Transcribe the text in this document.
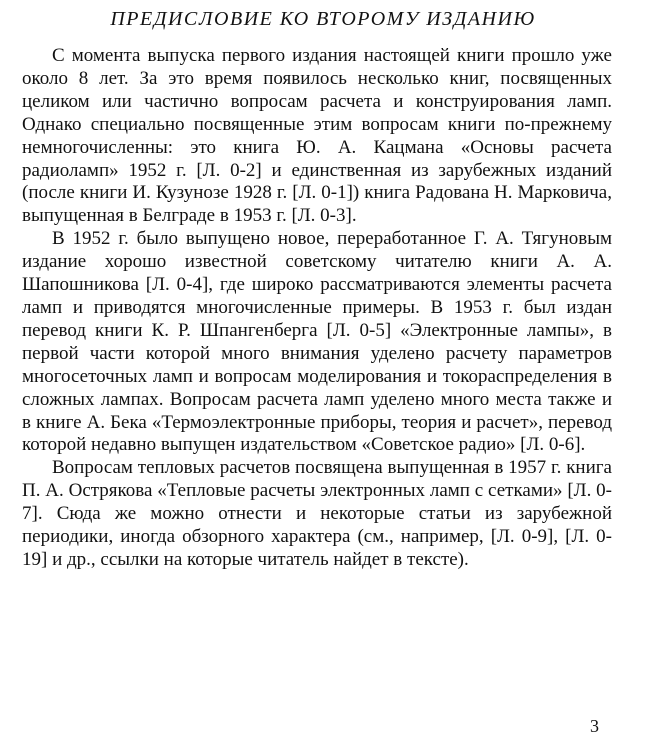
ПРЕДИСЛОВИЕ КО ВТОРОМУ ИЗДАНИЮ

С момента выпуска первого издания настоящей книги прошло уже около 8 лет. За это время появилось несколько книг, посвященных целиком или частично вопросам расчета и конструирования ламп. Однако специально посвященные этим вопросам книги по-прежнему немногочисленны: это книга Ю. А. Кацмана «Основы расчета радиоламп» 1952 г. [Л. 0-2] и единственная из зарубежных изданий (после книги И. Кузунозе 1928 г. [Л. 0-1]) книга Радована Н. Марковича, выпущенная в Белграде в 1953 г. [Л. 0-3].

В 1952 г. было выпущено новое, переработанное Г. А. Тягуновым издание хорошо известной советскому читателю книги А. А. Шапошникова [Л. 0-4], где широко рассматриваются элементы расчета ламп и приводятся многочисленные примеры. В 1953 г. был издан перевод книги К. Р. Шпангенберга [Л. 0-5] «Электронные лампы», в первой части которой много внимания уделено расчету параметров многосеточных ламп и вопросам моделирования и токораспределения в сложных лампах. Вопросам расчета ламп уделено много места также и в книге А. Бека «Термоэлектронные приборы, теория и расчет», перевод которой недавно выпущен издательством «Советское радио» [Л. 0-6].

Вопросам тепловых расчетов посвящена выпущенная в 1957 г. книга П. А. Острякова «Тепловые расчеты электронных ламп с сетками» [Л. 0-7]. Сюда же можно отнести и некоторые статьи из зарубежной периодики, иногда обзорного характера (см., например, [Л. 0-9], [Л. 0-19] и др., ссылки на которые читатель найдет в тексте).

3
